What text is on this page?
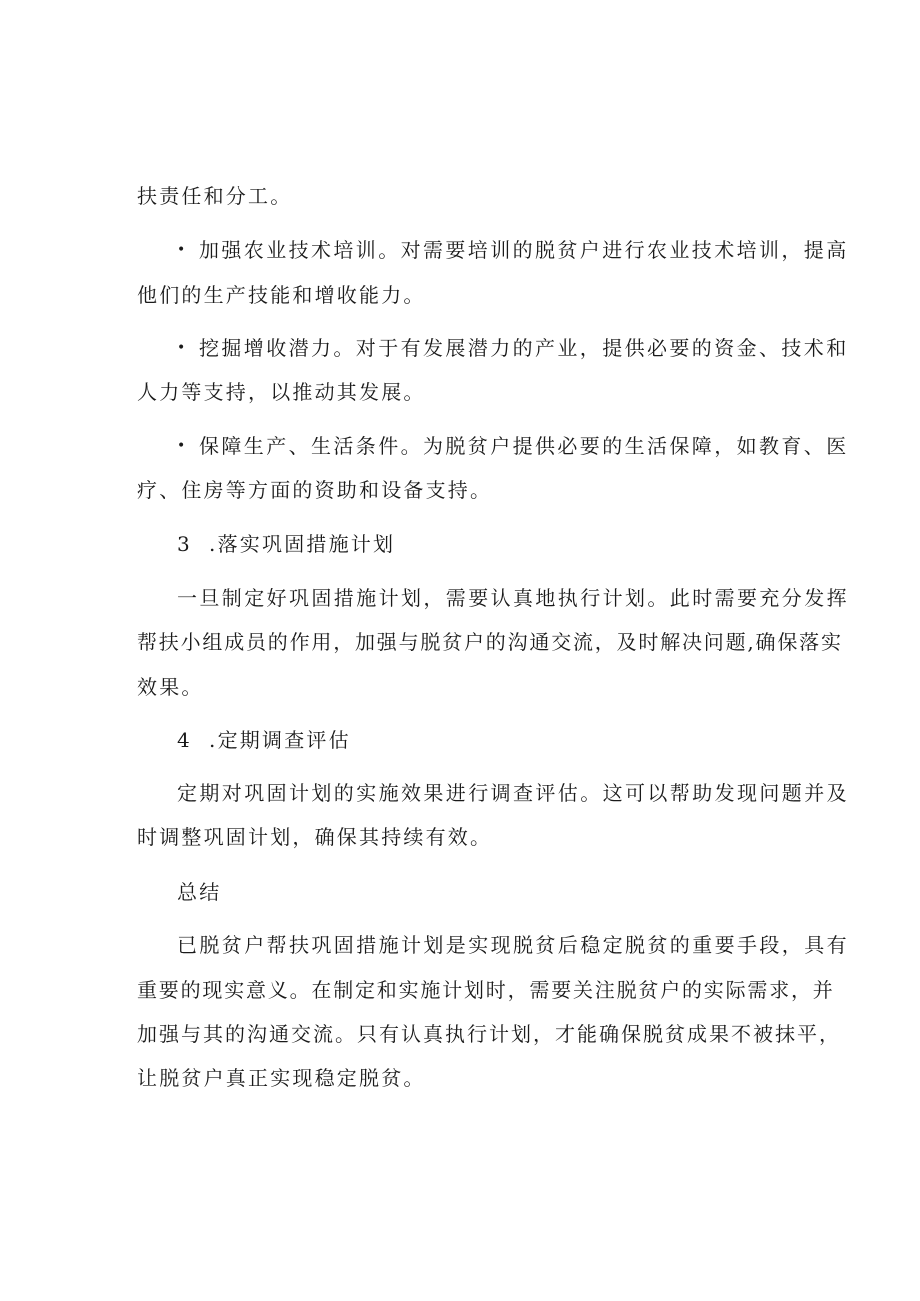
扶责任和分工。
• 加强农业技术培训。对需要培训的脱贫户进行农业技术培训，提高
他们的生产技能和增收能力。
• 挖掘增收潜力。对于有发展潜力的产业，提供必要的资金、技术和
人力等支持，以推动其发展。
• 保障生产、生活条件。为脱贫户提供必要的生活保障，如教育、医
疗、住房等方面的资助和设备支持。
3  .落实巩固措施计划
一旦制定好巩固措施计划，需要认真地执行计划。此时需要充分发挥
帮扶小组成员的作用，加强与脱贫户的沟通交流，及时解决问题,确保落实
效果。
4  .定期调查评估
定期对巩固计划的实施效果进行调查评估。这可以帮助发现问题并及
时调整巩固计划，确保其持续有效。
总结
已脱贫户帮扶巩固措施计划是实现脱贫后稳定脱贫的重要手段，具有
重要的现实意义。在制定和实施计划时，需要关注脱贫户的实际需求，并
加强与其的沟通交流。只有认真执行计划，才能确保脱贫成果不被抹平，
让脱贫户真正实现稳定脱贫。
